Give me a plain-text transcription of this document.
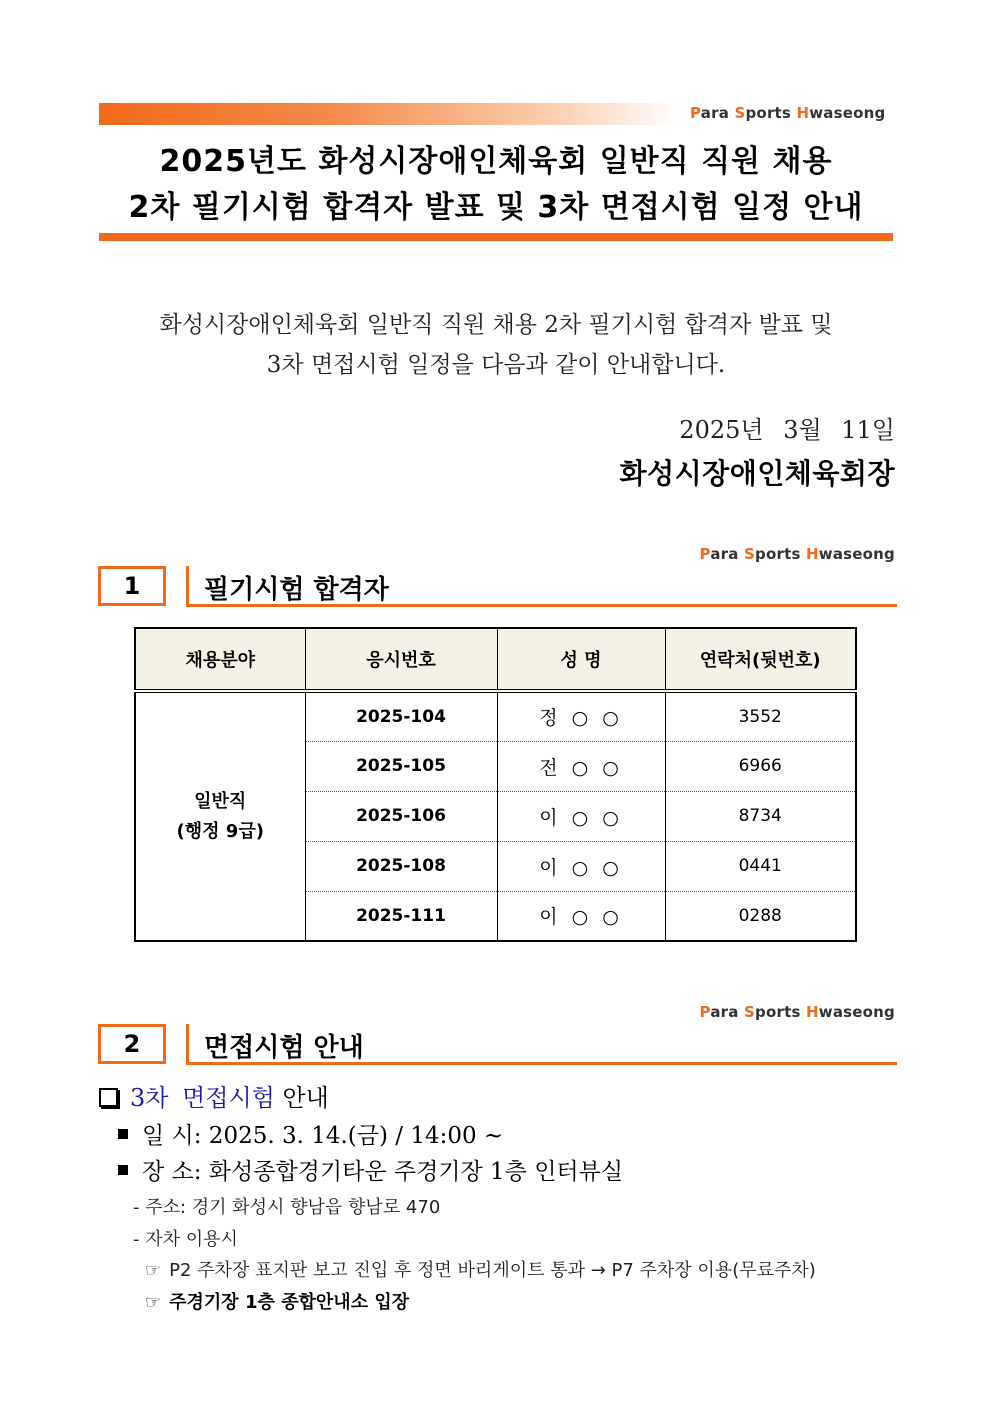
Para Sports Hwaseong
2025년도 화성시장애인체육회 일반직 직원 채용
2차 필기시험 합격자 발표 및 3차 면접시험 일정 안내
화성시장애인체육회 일반직 직원 채용 2차 필기시험 합격자 발표 및
3차 면접시험 일정을 다음과 같이 안내합니다.
2025년 3월 11일
화성시장애인체육회장
Para Sports Hwaseong
1	필기시험 합격자
채용분야	응시번호	성 명	연락처(뒷번호)

일반직
(행정 9급)	2025-104	정 ○ ○	3552
	2025-105	전 ○ ○	6966
	2025-106	이 ○ ○	8734
	2025-108	이 ○ ○	0441
	2025-111	이 ○ ○	0288
Para Sports Hwaseong
2	면접시험 안내
3차 면접시험 안내
일 시: 2025. 3. 14.(금) / 14:00 ~
장 소: 화성종합경기타운 주경기장 1층 인터뷰실
- 주소: 경기 화성시 향남읍 향남로 470
- 자차 이용시
☞ P2 주차장 표지판 보고 진입 후 정면 바리게이트 통과 → P7 주차장 이용(무료주차)
☞ 주경기장 1층 종합안내소 입장
